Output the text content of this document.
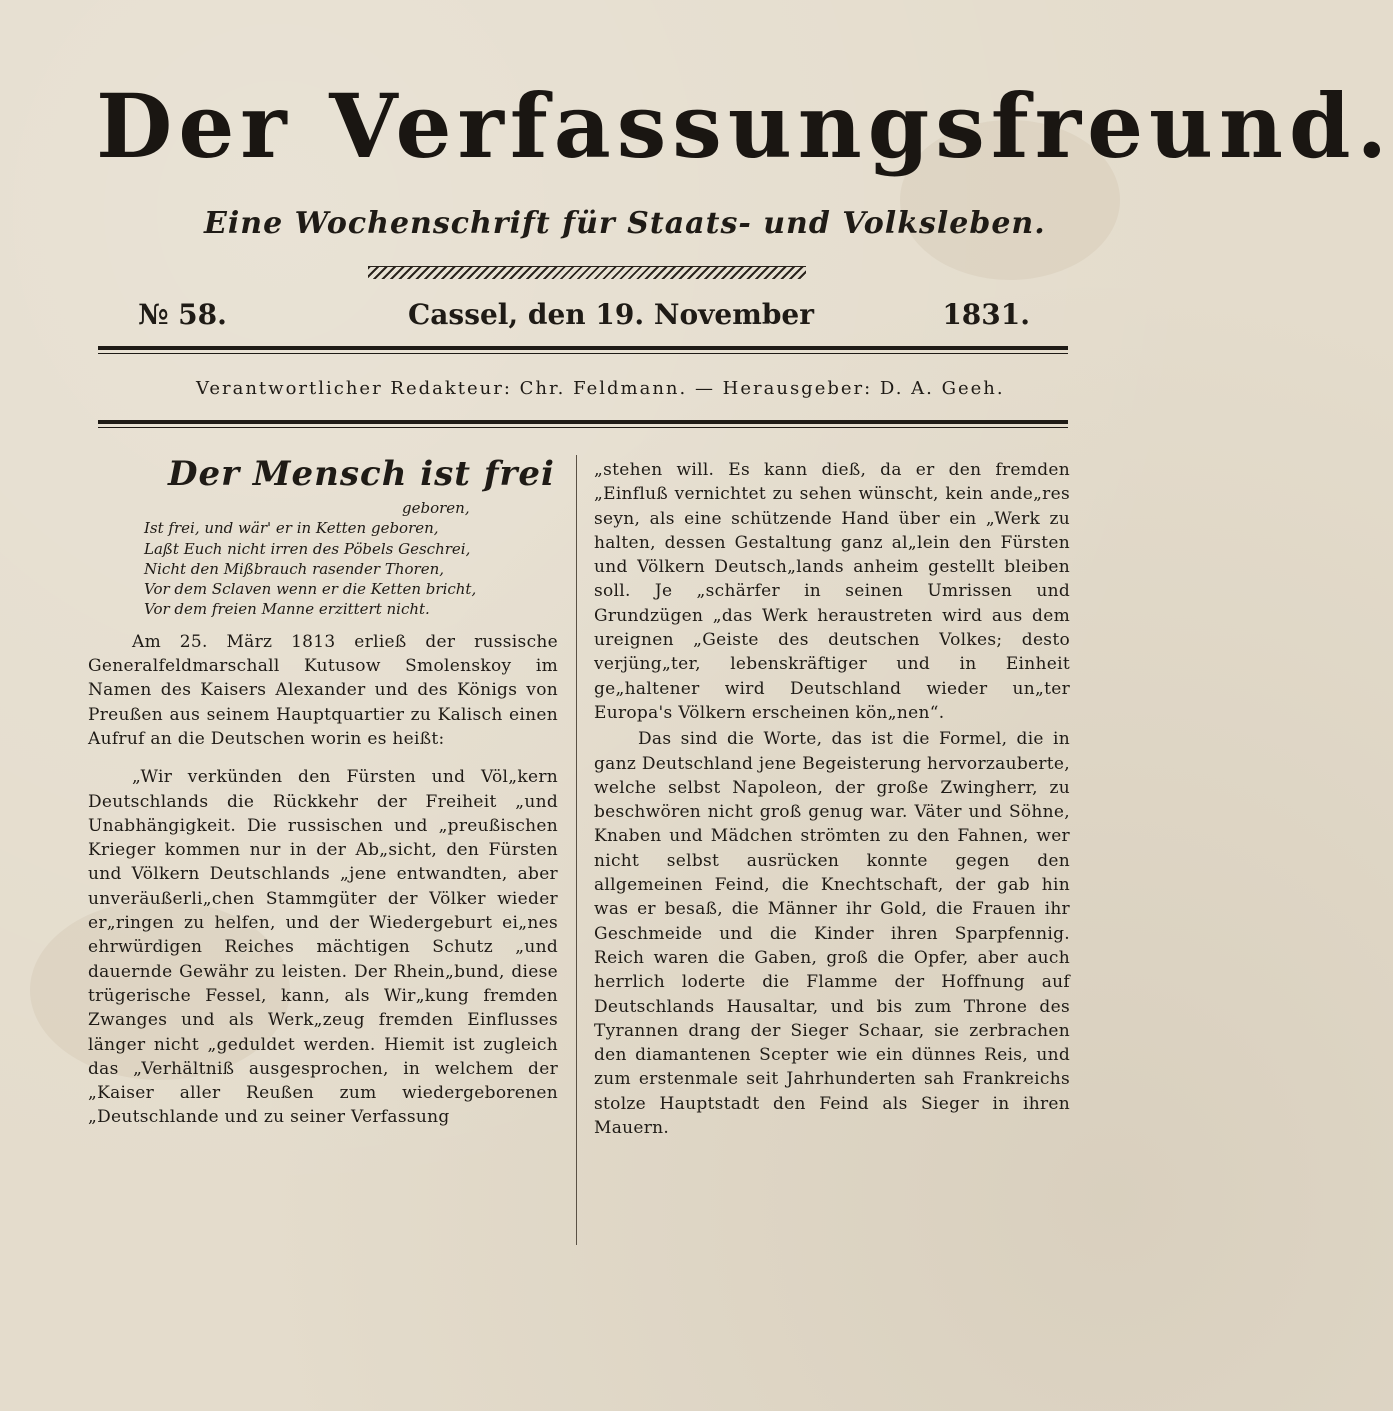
Der Verfassungsfreund.
Eine Wochenschrift für Staats- und Volksleben.
№ 58.	Cassel, den 19. November	1831.
Verantwortlicher Redakteur: Chr. Feldmann. — Herausgeber: D. A. Geeh.
Der Mensch ist frei
geboren,
Ist frei, und wär' er in Ketten geboren,
Laßt Euch nicht irren des Pöbels Geschrei,
Nicht den Mißbrauch rasender Thoren,
Vor dem Sclaven wenn er die Ketten bricht,
Vor dem freien Manne erzittert nicht.

Am 25. März 1813 erließ der russische Generalfeldmarschall Kutusow Smolenskoy im Namen des Kaisers Alexander und des Königs von Preußen aus seinem Hauptquartier zu Kalisch einen Aufruf an die Deutschen worin es heißt:

„Wir verkünden den Fürsten und Völ„kern Deutschlands die Rückkehr der Freiheit „und Unabhängigkeit. Die russischen und „preußischen Krieger kommen nur in der Ab„sicht, den Fürsten und Völkern Deutschlands „jene entwandten, aber unveräußerli„chen Stammgüter der Völker wieder er„ringen zu helfen, und der Wiedergeburt ei„nes ehrwürdigen Reiches mächtigen Schutz „und dauernde Gewähr zu leisten. Der Rhein„bund, diese trügerische Fessel, kann, als Wir„kung fremden Zwanges und als Werk„zeug fremden Einflusses länger nicht „geduldet werden. Hiemit ist zugleich das „Verhältniß ausgesprochen, in welchem der „Kaiser aller Reußen zum wiedergeborenen „Deutschlande und zu seiner Verfassung

„stehen will. Es kann dieß, da er den fremden „Einfluß vernichtet zu sehen wünscht, kein ande„res seyn, als eine schützende Hand über ein „Werk zu halten, dessen Gestaltung ganz al„lein den Fürsten und Völkern Deutsch„lands anheim gestellt bleiben soll. Je „schärfer in seinen Umrissen und Grundzügen „das Werk heraustreten wird aus dem ureignen „Geiste des deutschen Volkes; desto verjüng„ter, lebenskräftiger und in Einheit ge„haltener wird Deutschland wieder un„ter Europa's Völkern erscheinen kön„nen“.

Das sind die Worte, das ist die Formel, die in ganz Deutschland jene Begeisterung hervorzauberte, welche selbst Napoleon, der große Zwingherr, zu beschwören nicht groß genug war. Väter und Söhne, Knaben und Mädchen strömten zu den Fahnen, wer nicht selbst ausrücken konnte gegen den allgemeinen Feind, die Knechtschaft, der gab hin was er besaß, die Männer ihr Gold, die Frauen ihr Geschmeide und die Kinder ihren Sparpfennig. Reich waren die Gaben, groß die Opfer, aber auch herrlich loderte die Flamme der Hoffnung auf Deutschlands Hausaltar, und bis zum Throne des Tyrannen drang der Sieger Schaar, sie zerbrachen den diamantenen Scepter wie ein dünnes Reis, und zum erstenmale seit Jahrhunderten sah Frankreichs stolze Hauptstadt den Feind als Sieger in ihren Mauern.
